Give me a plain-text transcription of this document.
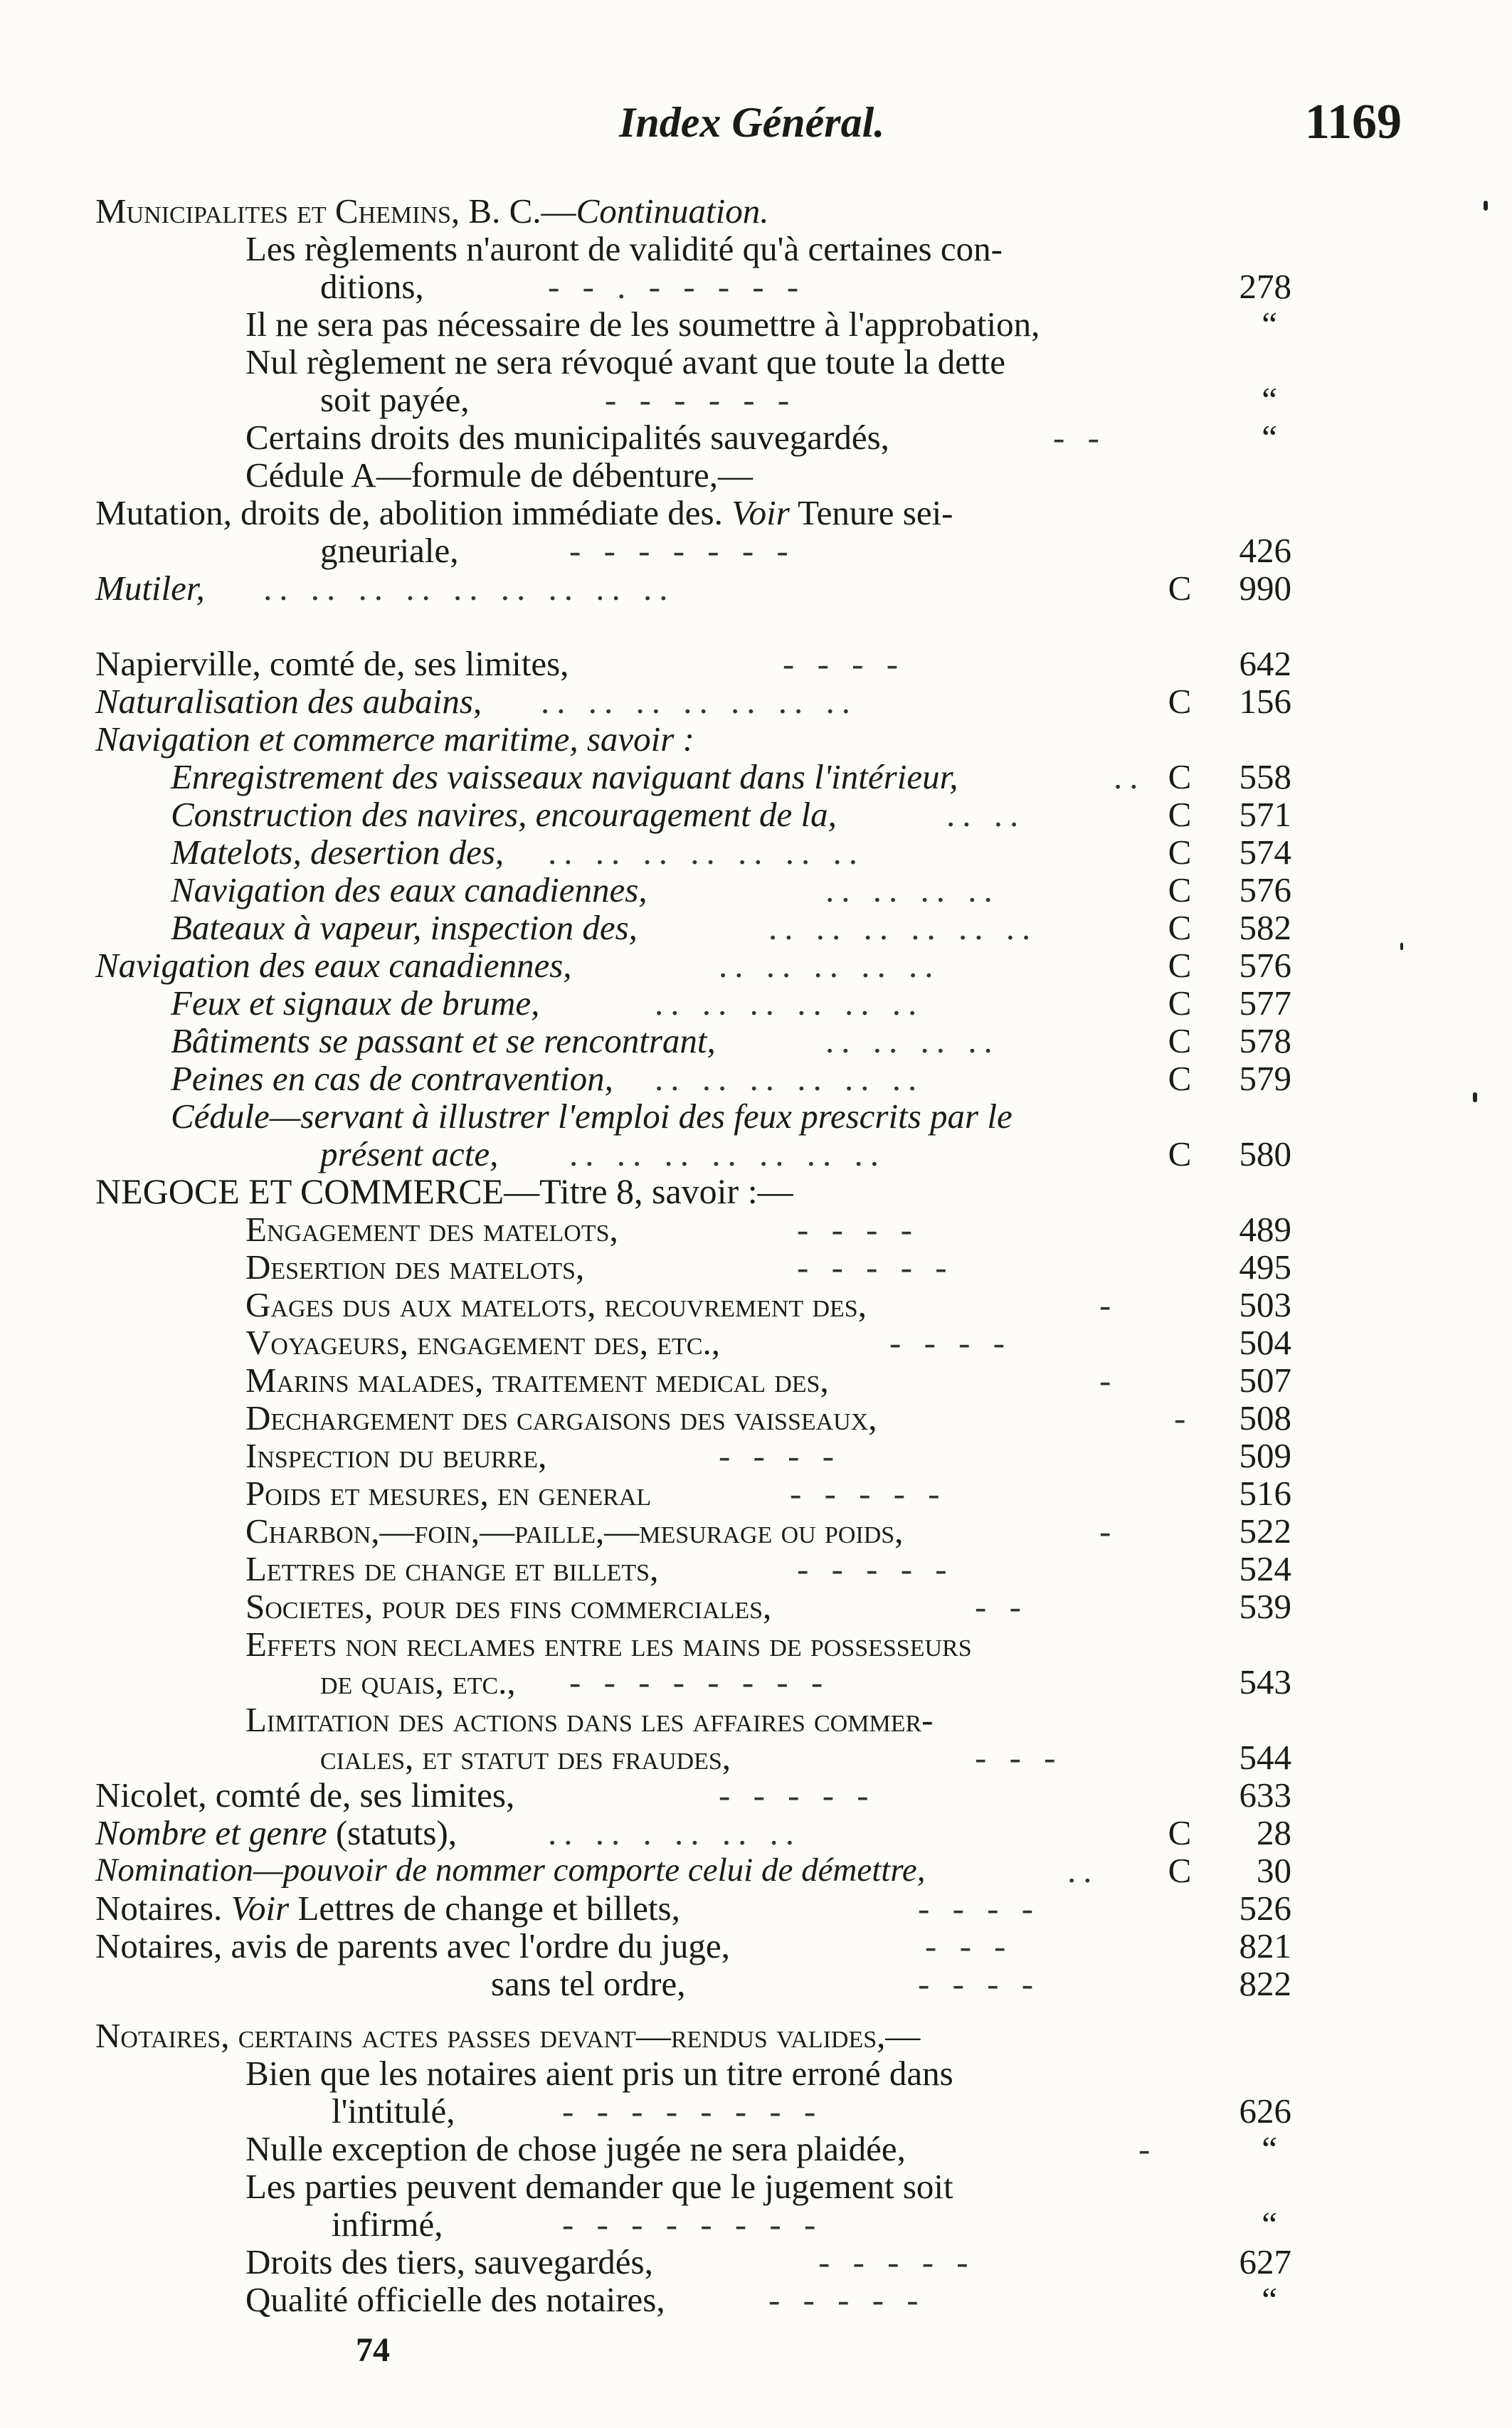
Index Général.	1169
Municipalites et Chemins, B. C.—Continuation.
Les règlements n'auront de validité qu'à certaines con-
ditions,	- - . - - - - -	278
Il ne sera pas nécessaire de les soumettre à l'approbation,	“
Nul règlement ne sera révoqué avant que toute la dette
soit payée,	- - - - - -	“
Certains droits des municipalités sauvegardés,	- -	“
Cédule A—formule de débenture,—
Mutation, droits de, abolition immédiate des. Voir Tenure sei-
gneuriale,	- - - - - - -	426
Mutiler, .. .. .. .. .. .. .. .. ..	C 990
Napierville, comté de, ses limites,	- - - -	642
Naturalisation des aubains, .. .. .. .. .. .. ..	C 156
Navigation et commerce maritime, savoir :
Enregistrement des vaisseaux naviguant dans l'intérieur,	.. C 558
Construction des navires, encouragement de la,	.. ..	C 571
Matelots, desertion des, .. .. .. .. .. .. ..	C 574
Navigation des eaux canadiennes,	.. .. .. ..	C 576
Bateaux à vapeur, inspection des,	.. .. .. .. .. ..	C 582
Navigation des eaux canadiennes,	.. .. .. .. ..	C 576
Feux et signaux de brume,	.. .. .. .. .. ..	C 577
Bâtiments se passant et se rencontrant,	.. .. .. ..	C 578
Peines en cas de contravention, .. .. .. .. .. ..	C 579
Cédule—servant à illustrer l'emploi des feux prescrits par le
présent acte, .. .. .. .. .. .. ..	C 580
NEGOCE ET COMMERCE—Titre 8, savoir :—
Engagement des matelots,	- - - -	489
Desertion des matelots,	- - - - -	495
Gages dus aux matelots, recouvrement des,	-	503
Voyageurs, engagement des, etc.,	- - - -	504
Marins malades, traitement medical des,	-	507
Dechargement des cargaisons des vaisseaux,	- 508
Inspection du beurre,	- - - -	509
Poids et mesures, en general	- - - - -	516
Charbon,—foin,—paille,—mesurage ou poids,	-	522
Lettres de change et billets,	- - - - -	524
Societes, pour des fins commerciales,	- -	539
Effets non reclames entre les mains de possesseurs
de quais, etc., - - - - - - - -	543
Limitation des actions dans les affaires commer-
ciales, et statut des fraudes,	- - -	544
Nicolet, comté de, ses limites,	- - - - -	633
Nombre et genre (statuts),	.. .. . .. .. ..	C 28
Nomination—pouvoir de nommer comporte celui de démettre,	.. C 30
Notaires. Voir Lettres de change et billets,	- - - -	526
Notaires, avis de parents avec l'ordre du juge,	- - -	821
sans tel ordre,	- - - -	822
Notaires, certains actes passes devant—rendus valides,—
Bien que les notaires aient pris un titre erroné dans
l'intitulé,	- - - - - - - -	626
Nulle exception de chose jugée ne sera plaidée,	-	“
Les parties peuvent demander que le jugement soit
infirmé,	- - - - - - - -	“
Droits des tiers, sauvegardés,	- - - - -	627
Qualité officielle des notaires,	- - - - -	“
74
